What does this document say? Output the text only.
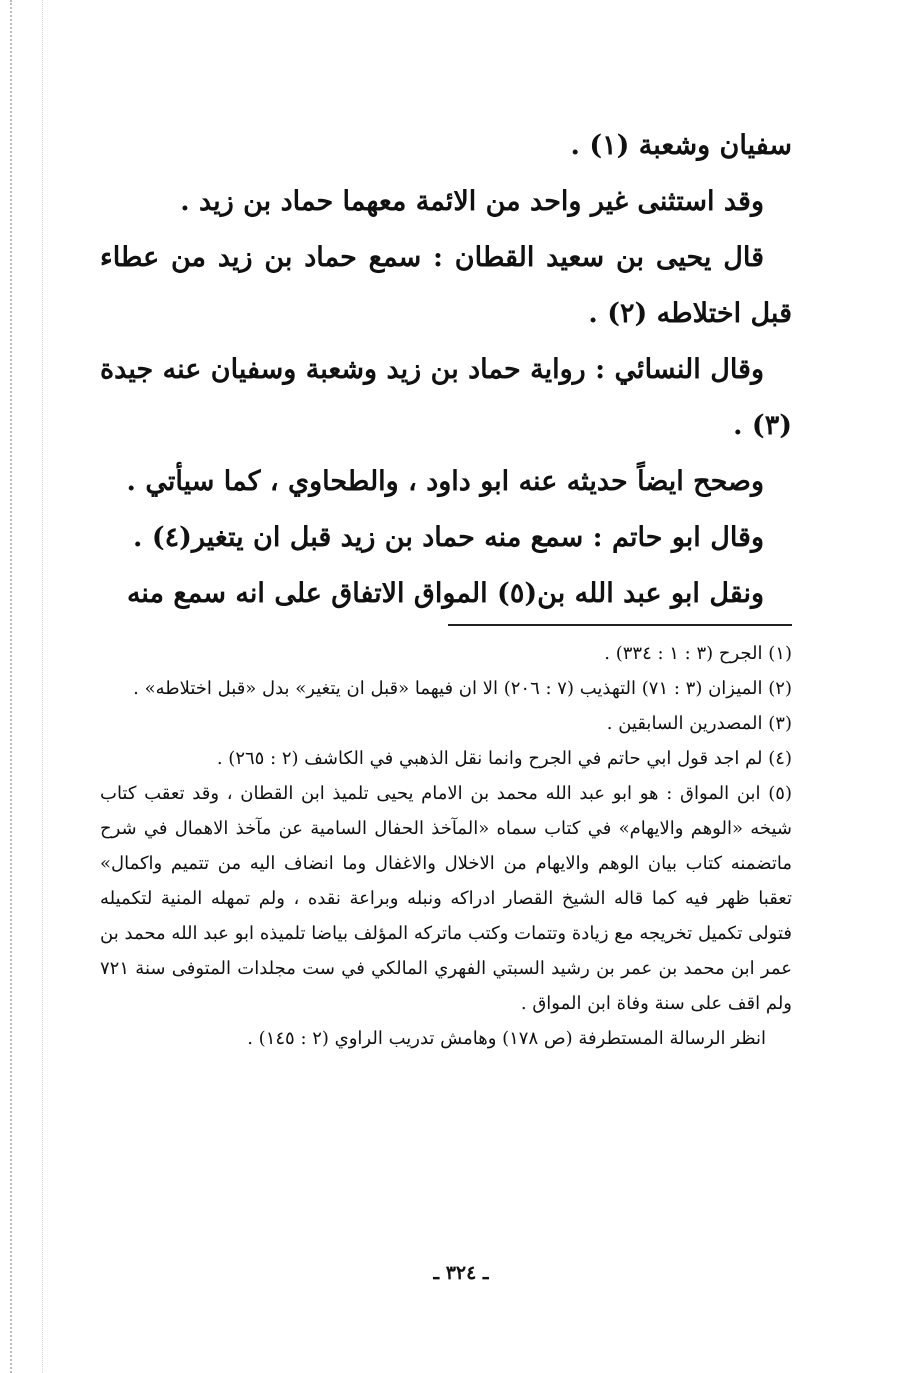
سفيان وشعبة (١) .

وقد استثنى غير واحد من الائمة معهما حماد بن زيد .

قال يحيى بن سعيد القطان : سمع حماد بن زيد من عطاء قبل اختلاطه (٢) .

وقال النسائي : رواية حماد بن زيد وشعبة وسفيان عنه جيدة (٣) .

وصحح ايضاً حديثه عنه ابو داود ، والطحاوي ، كما سيأتي .

وقال ابو حاتم : سمع منه حماد بن زيد قبل ان يتغير(٤) .

ونقل ابو عبد الله بن(٥) المواق الاتفاق على انه سمع منه

(١) الجرح (٣ : ١ : ٣٣٤) .

(٢) الميزان (٣ : ٧١) التهذيب (٧ : ٢٠٦) الا ان فيهما «قبل ان يتغير» بدل «قبل اختلاطه» .

(٣) المصدرين السابقين .

(٤) لم اجد قول ابي حاتم في الجرح وانما نقل الذهبي في الكاشف (٢ : ٢٦٥) .

(٥) ابن المواق : هو ابو عبد الله محمد بن الامام يحيى تلميذ ابن القطان ، وقد تعقب كتاب شيخه «الوهم والايهام» في كتاب سماه «المآخذ الحفال السامية عن مآخذ الاهمال في شرح ماتضمنه كتاب بيان الوهم والايهام من الاخلال والاغفال وما انضاف اليه من تتميم واكمال» تعقبا ظهر فيه كما قاله الشيخ القصار ادراكه ونبله وبراعة نقده ، ولم تمهله المنية لتكميله فتولى تكميل تخريجه مع زيادة وتتمات وكتب ماتركه المؤلف بياضا تلميذه ابو عبد الله محمد بن عمر ابن محمد بن عمر بن رشيد السبتي الفهري المالكي في ست مجلدات المتوفى سنة ٧٢١ ولم اقف على سنة وفاة ابن المواق .

انظر الرسالة المستطرفة (ص ١٧٨) وهامش تدريب الراوي (٢ : ١٤٥) .

ـ ٣٢٤ ـ
